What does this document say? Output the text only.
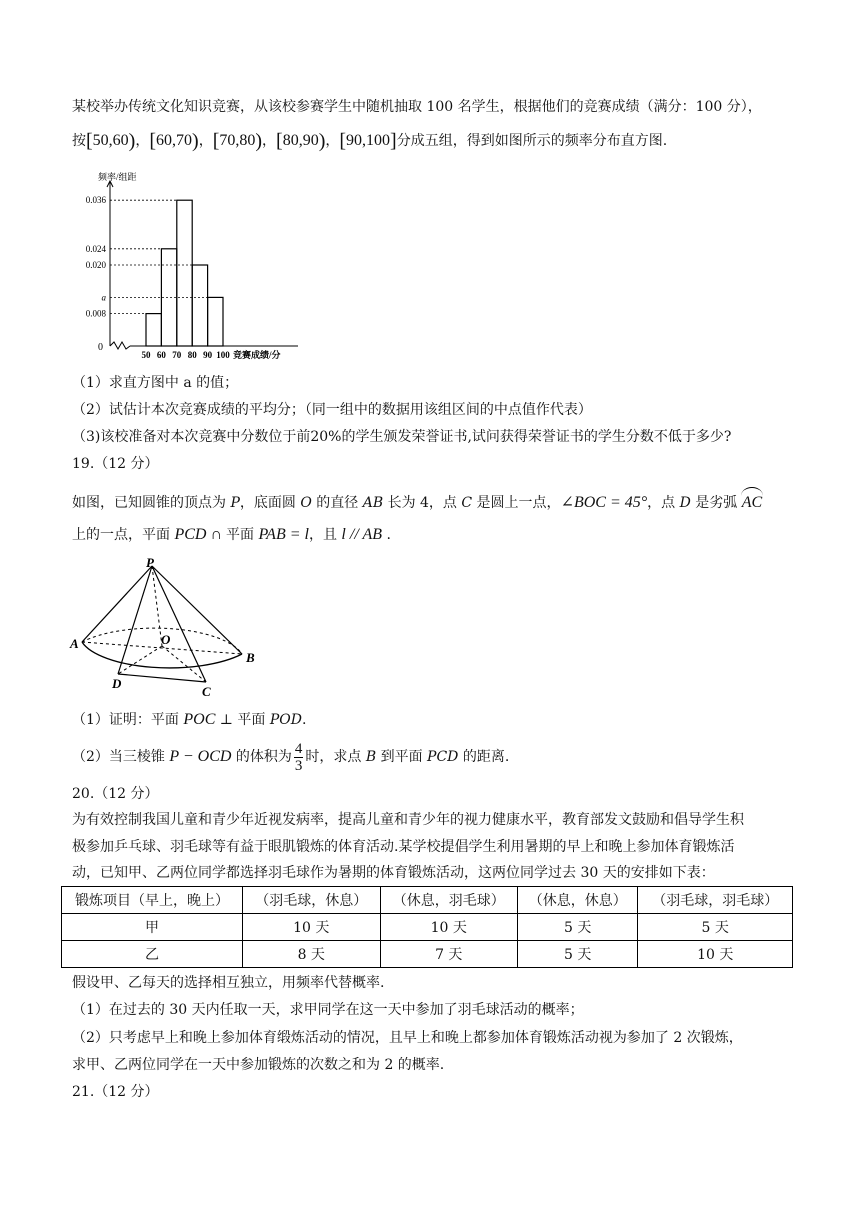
某校举办传统文化知识竞赛，从该校参赛学生中随机抽取 100 名学生，根据他们的竞赛成绩（满分：100 分），
按[50,60)，[60,70)，[70,80)，[80,90)，[90,100]分成五组，得到如图所示的频率分布直方图.
0
频率/组距
0.036
0.024
0.020
a
0.008
50 60 70 80 90 100 竞赛成绩/分
（1）求直方图中 a 的值；
（2）试估计本次竞赛成绩的平均分；（同一组中的数据用该组区间的中点值作代表）
（3)该校准备对本次竞赛中分数位于前20%的学生颁发荣誉证书,试问获得荣誉证书的学生分数不低于多少?
19.（12 分）
如图，已知圆锥的顶点为 P，底面圆 O 的直径 AB 长为 4，点 C 是圆上一点，∠BOC = 45°，点 D 是劣弧
AC
上的一点，平面 PCD ∩ 平面 PAB = l，且 l // AB .
P
A	O
B
D
C
（1）证明：平面 POC ⊥ 平面 POD.
（2）当三棱锥 P − OCD 的体积为 $\frac{4}{3}$ 时，求点 B 到平面 PCD 的距离.
20.（12 分）
为有效控制我国儿童和青少年近视发病率，提高儿童和青少年的视力健康水平，教育部发文鼓励和倡导学生积
极参加乒乓球、羽毛球等有益于眼肌锻炼的体育活动.某学校提倡学生利用暑期的早上和晚上参加体育锻炼活
动，已知甲、乙两位同学都选择羽毛球作为暑期的体育锻炼活动，这两位同学过去 30 天的安排如下表：
锻炼项目（早上，晚上）	（羽毛球，休息）	（休息，羽毛球）	（休息，休息）	（羽毛球，羽毛球）
甲	10 天	10 天	5 天	5 天
乙	8 天	7 天	5 天	10 天
假设甲、乙每天的选择相互独立，用频率代替概率.
（1）在过去的 30 天内任取一天，求甲同学在这一天中参加了羽毛球活动的概率；
（2）只考虑早上和晚上参加体育缎炼活动的情况，且早上和晚上都参加体育锻炼活动视为参加了 2 次锻炼，
求甲、乙两位同学在一天中参加锻炼的次数之和为 2 的概率.
21.（12 分）
